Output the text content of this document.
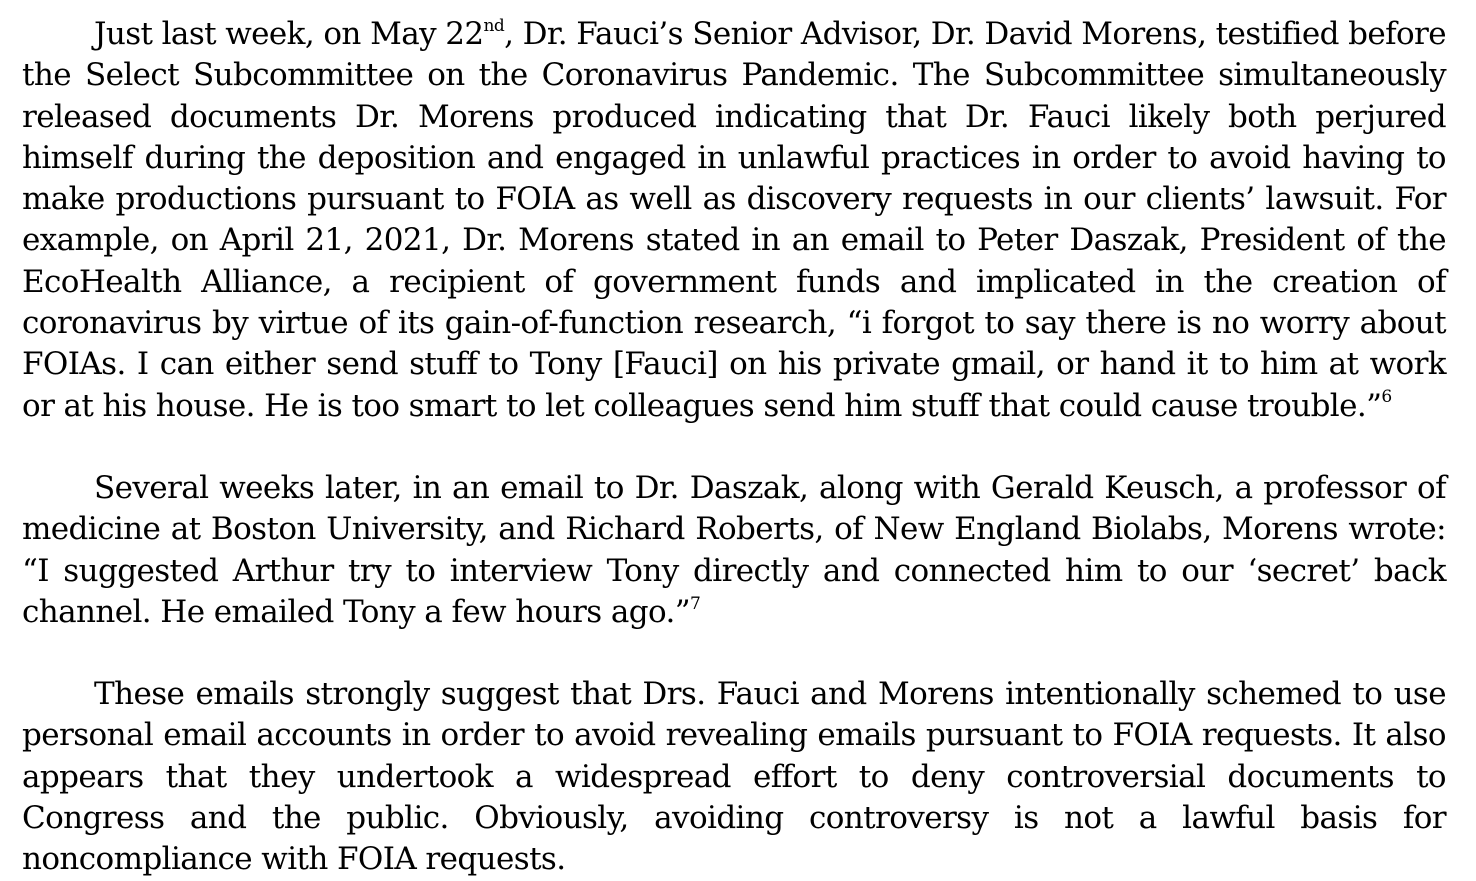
Just last week, on May 22nd, Dr. Fauci’s Senior Advisor, Dr. David Morens, testified before the Select Subcommittee on the Coronavirus Pandemic. The Subcommittee simultaneously released documents Dr. Morens produced indicating that Dr. Fauci likely both perjured himself during the deposition and engaged in unlawful practices in order to avoid having to make productions pursuant to FOIA as well as discovery requests in our clients’ lawsuit. For example, on April 21, 2021, Dr. Morens stated in an email to Peter Daszak, President of the EcoHealth Alliance, a recipient of government funds and implicated in the creation of coronavirus by virtue of its gain-of-function research, “i forgot to say there is no worry about FOIAs. I can either send stuff to Tony [Fauci] on his private gmail, or hand it to him at work or at his house. He is too smart to let colleagues send him stuff that could cause trouble.”$^6$

Several weeks later, in an email to Dr. Daszak, along with Gerald Keusch, a professor of medicine at Boston University, and Richard Roberts, of New England Biolabs, Morens wrote: “I suggested Arthur try to interview Tony directly and connected him to our ‘secret’ back channel. He emailed Tony a few hours ago.”$^7$

These emails strongly suggest that Drs. Fauci and Morens intentionally schemed to use personal email accounts in order to avoid revealing emails pursuant to FOIA requests. It also appears that they undertook a widespread effort to deny controversial documents to Congress and the public. Obviously, avoiding controversy is not a lawful basis for noncompliance with FOIA requests.
